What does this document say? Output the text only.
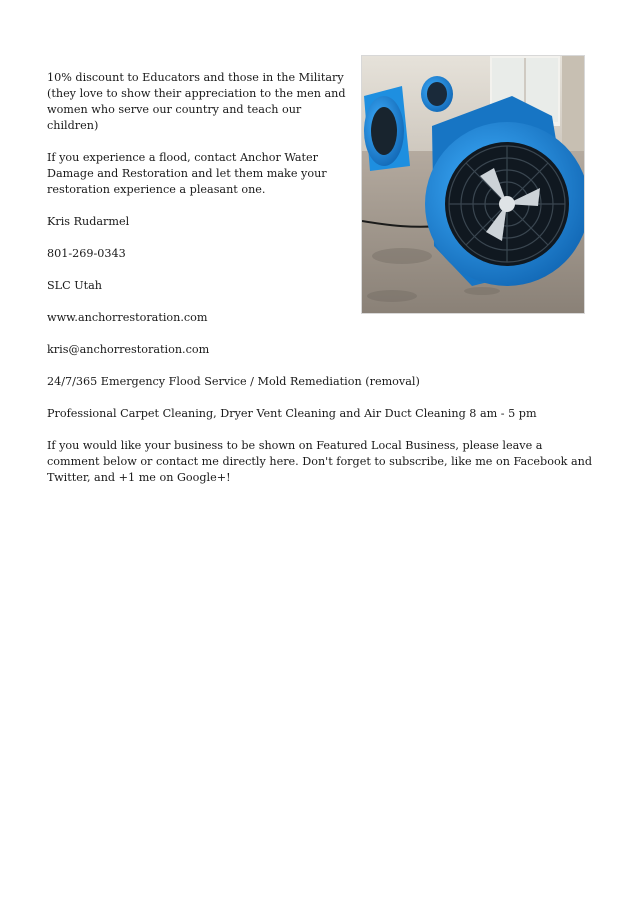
10% discount to Educators and those in the Military (they love to show their appreciation to the men and women who serve our country and teach our children)

If you experience a flood, contact Anchor Water Damage and Restoration and let them make your restoration experience a pleasant one.

Kris Rudarmel

801-269-0343

SLC Utah

www.anchorrestoration.com

kris@anchorrestoration.com

24/7/365 Emergency Flood Service / Mold Remediation (removal)

Professional Carpet Cleaning, Dryer Vent Cleaning and Air Duct Cleaning 8 am - 5 pm

If you would like your business to be shown on Featured Local Business, please leave a comment below or contact me directly here. Don't forget to subscribe, like me on Facebook and Twitter, and +1 me on Google+!
